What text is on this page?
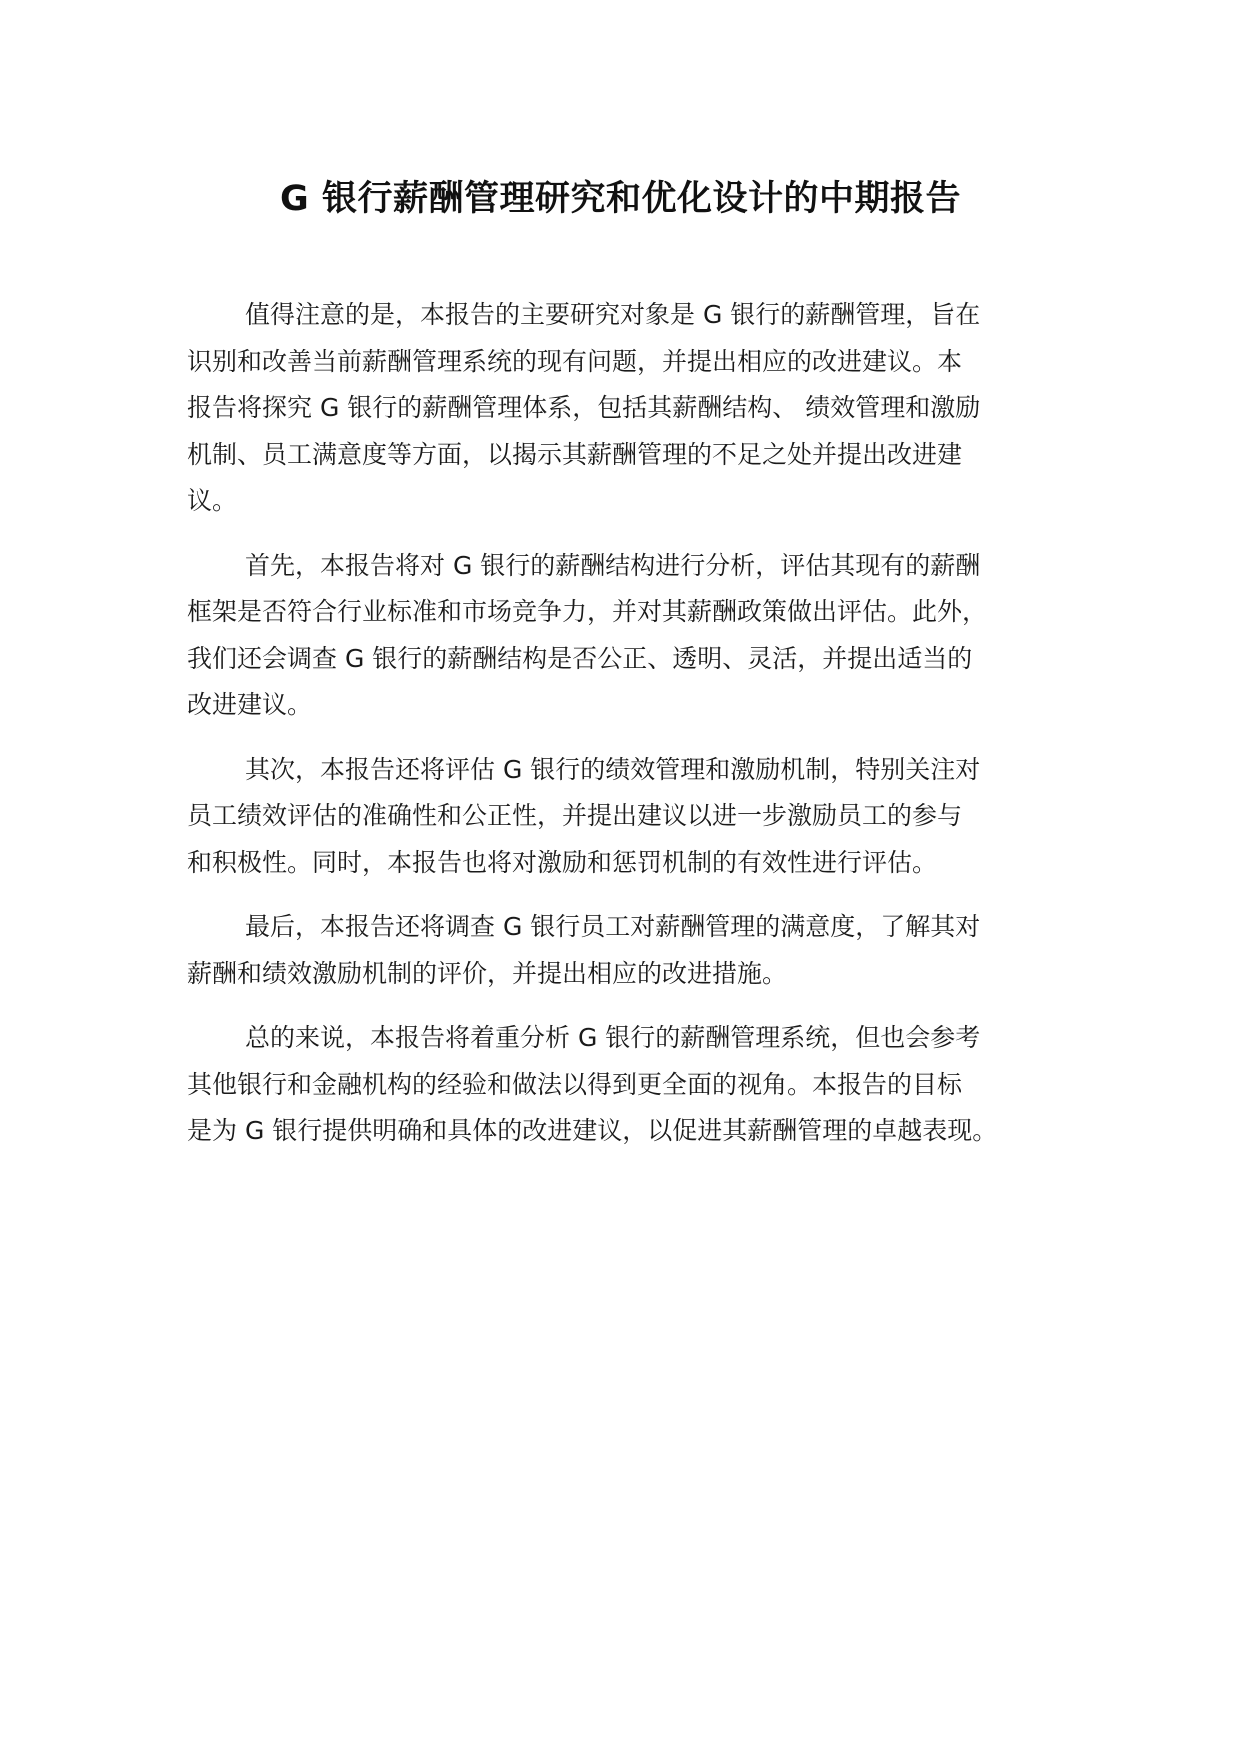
G 银行薪酬管理研究和优化设计的中期报告
值得注意的是，本报告的主要研究对象是 G 银行的薪酬管理，旨在
识别和改善当前薪酬管理系统的现有问题，并提出相应的改进建议。本
报告将探究 G 银行的薪酬管理体系，包括其薪酬结构、 绩效管理和激励
机制、员工满意度等方面，以揭示其薪酬管理的不足之处并提出改进建
议。
首先，本报告将对 G 银行的薪酬结构进行分析，评估其现有的薪酬
框架是否符合行业标准和市场竞争力，并对其薪酬政策做出评估。此外，
我们还会调查 G 银行的薪酬结构是否公正、透明、灵活，并提出适当的
改进建议。
其次，本报告还将评估 G 银行的绩效管理和激励机制，特别关注对
员工绩效评估的准确性和公正性，并提出建议以进一步激励员工的参与
和积极性。同时，本报告也将对激励和惩罚机制的有效性进行评估。
最后，本报告还将调查 G 银行员工对薪酬管理的满意度，了解其对
薪酬和绩效激励机制的评价，并提出相应的改进措施。
总的来说，本报告将着重分析 G 银行的薪酬管理系统，但也会参考
其他银行和金融机构的经验和做法以得到更全面的视角。本报告的目标
是为 G 银行提供明确和具体的改进建议，以促进其薪酬管理的卓越表现。
